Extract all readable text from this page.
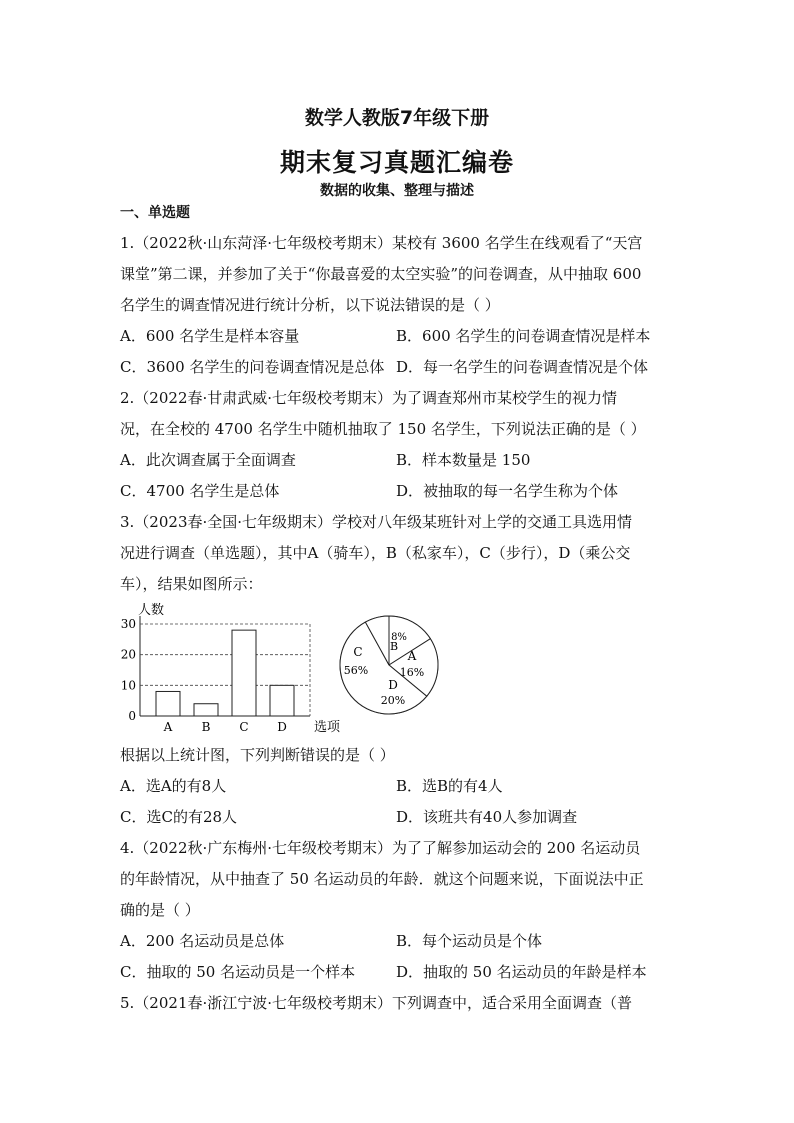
数学人教版7年级下册
期末复习真题汇编卷
数据的收集、整理与描述
一、单选题
1.（2022秋·山东菏泽·七年级校考期末）某校有 3600 名学生在线观看了“天宫
课堂”第二课，并参加了关于“你最喜爱的太空实验”的问卷调查，从中抽取 600
名学生的调查情况进行统计分析，以下说法错误的是（ ）
A．600 名学生是样本容量	B．600 名学生的问卷调查情况是样本
C．3600 名学生的问卷调查情况是总体 D．每一名学生的问卷调查情况是个体
2.（2022春·甘肃武威·七年级校考期末）为了调查郑州市某校学生的视力情
况，在全校的 4700 名学生中随机抽取了 150 名学生，下列说法正确的是（ ）
A．此次调查属于全面调查	B．样本数量是 150
C．4700 名学生是总体	D．被抽取的每一名学生称为个体
3.（2023春·全国·七年级期末）学校对八年级某班针对上学的交通工具选用情
况进行调查（单选题），其中A（骑车），B（私家车），C（步行），D（乘公交
车），结果如图所示：
0
10
20
30
人数
A B C D 选项
A
16%
D
20%
C
56%
B
8%
根据以上统计图，下列判断错误的是（ ）
A．选A的有8人	B．选B的有4人
C．选C的有28人	D．该班共有40人参加调查
4.（2022秋·广东梅州·七年级校考期末）为了了解参加运动会的 200 名运动员
的年龄情况，从中抽查了 50 名运动员的年龄．就这个问题来说，下面说法中正
确的是（ ）
A．200 名运动员是总体	B．每个运动员是个体
C．抽取的 50 名运动员是一个样本	D．抽取的 50 名运动员的年龄是样本
5.（2021春·浙江宁波·七年级校考期末）下列调查中，适合采用全面调查（普
